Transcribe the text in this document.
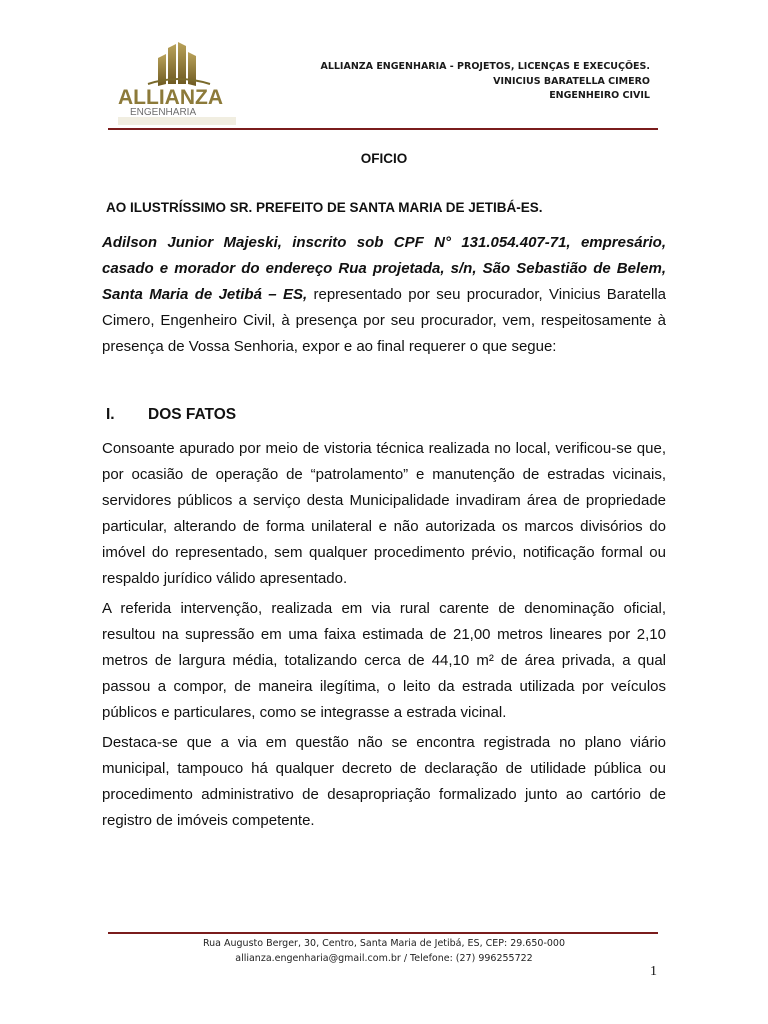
ALLIANZA
ENGENHARIA
ALLIANZA ENGENHARIA - PROJETOS, LICENÇAS E EXECUÇÕES.
VINICIUS BARATELLA CIMERO
ENGENHEIRO CIVIL
OFICIO
AO ILUSTRÍSSIMO SR. PREFEITO DE SANTA MARIA DE JETIBÁ-ES.
Adilson Junior Majeski, inscrito sob CPF N° 131.054.407-71, empresário, casado e morador do endereço Rua projetada, s/n, São Sebastião de Belem, Santa Maria de Jetibá – ES, representado por seu procurador, Vinicius Baratella Cimero, Engenheiro Civil, à presença por seu procurador, vem, respeitosamente à presença de Vossa Senhoria, expor e ao final requerer o que segue:
I. DOS FATOS
Consoante apurado por meio de vistoria técnica realizada no local, verificou-se que, por ocasião de operação de “patrolamento” e manutenção de estradas vicinais, servidores públicos a serviço desta Municipalidade invadiram área de propriedade particular, alterando de forma unilateral e não autorizada os marcos divisórios do imóvel do representado, sem qualquer procedimento prévio, notificação formal ou respaldo jurídico válido apresentado.
A referida intervenção, realizada em via rural carente de denominação oficial, resultou na supressão em uma faixa estimada de 21,00 metros lineares por 2,10 metros de largura média, totalizando cerca de 44,10 m² de área privada, a qual passou a compor, de maneira ilegítima, o leito da estrada utilizada por veículos públicos e particulares, como se integrasse a estrada vicinal.
Destaca-se que a via em questão não se encontra registrada no plano viário municipal, tampouco há qualquer decreto de declaração de utilidade pública ou procedimento administrativo de desapropriação formalizado junto ao cartório de registro de imóveis competente.
Rua Augusto Berger, 30, Centro, Santa Maria de Jetibá, ES, CEP: 29.650-000
allianza.engenharia@gmail.com.br / Telefone: (27) 996255722
1
